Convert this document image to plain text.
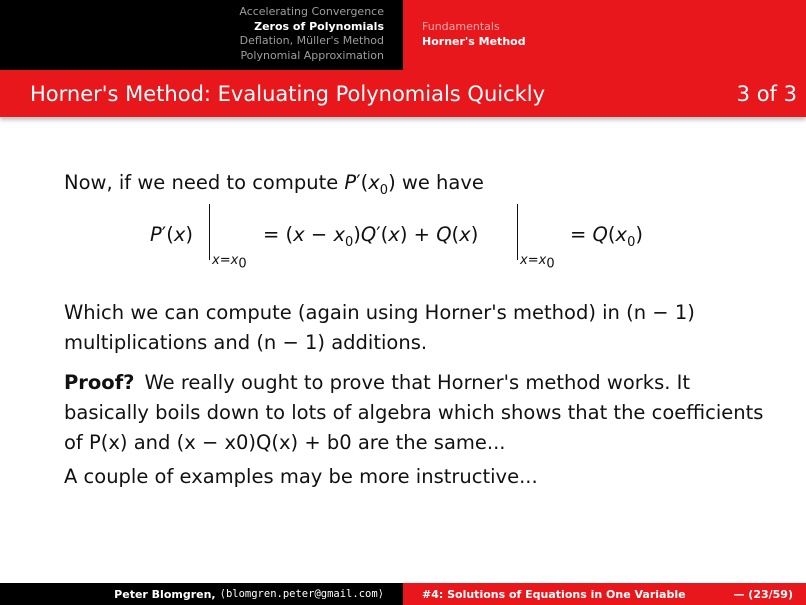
Accelerating Convergence
Zeros of Polynomials
Deflation, Müller's Method
Polynomial Approximation
Fundamentals
Horner's Method
Horner's Method: Evaluating Polynomials Quickly	3 of 3

Now, if we need to compute $P'(x_0)$ we have

P′(x)
$x=x_0$
= $(x - x_0)Q'(x) + Q(x)$
$x=x_0$
= $Q(x_0)$

Which we can compute (again using Horner's method) in (n − 1) multiplications and (n − 1) additions.

Proof? We really ought to prove that Horner's method works. It basically boils down to lots of algebra which shows that the coefficients of P(x) and (x − x0)Q(x) + b0 are the same...

A couple of examples may be more instructive...

Peter Blomgren, ⟨blomgren.peter@gmail.com⟩	#4: Solutions of Equations in One Variable	— (23/59)
